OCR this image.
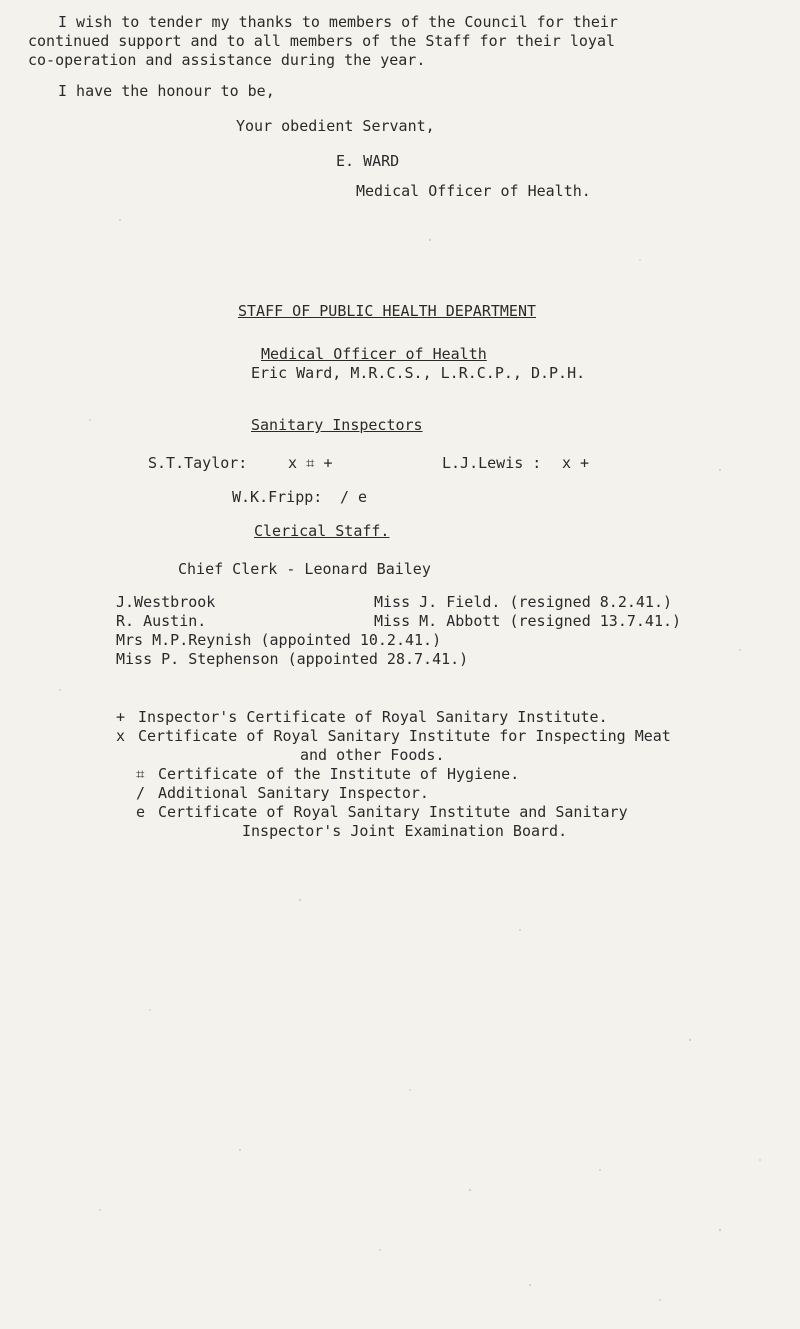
I wish to tender my thanks to members of the Council for their
continued support and to all members of the Staff for their loyal
co-operation and assistance during the year.
I have the honour to be,
Your obedient Servant,
E. WARD
Medical Officer of Health.
STAFF OF PUBLIC HEALTH DEPARTMENT
Medical Officer of Health
Eric Ward, M.R.C.S., L.R.C.P., D.P.H.
Sanitary Inspectors
S.T.Taylor:	x ⌗ +	L.J.Lewis : x +
W.K.Fripp: / e
Clerical Staff.
Chief Clerk - Leonard Bailey
J.Westbrook
R. Austin.
Miss J. Field. (resigned 8.2.41.)
Miss M. Abbott (resigned 13.7.41.)
Mrs M.P.Reynish (appointed 10.2.41.)
Miss P. Stephenson (appointed 28.7.41.)
+ Inspector's Certificate of Royal Sanitary Institute.
x Certificate of Royal Sanitary Institute for Inspecting Meat
and other Foods.
⌗ Certificate of the Institute of Hygiene.
/ Additional Sanitary Inspector.
e Certificate of Royal Sanitary Institute and Sanitary
Inspector's Joint Examination Board.
